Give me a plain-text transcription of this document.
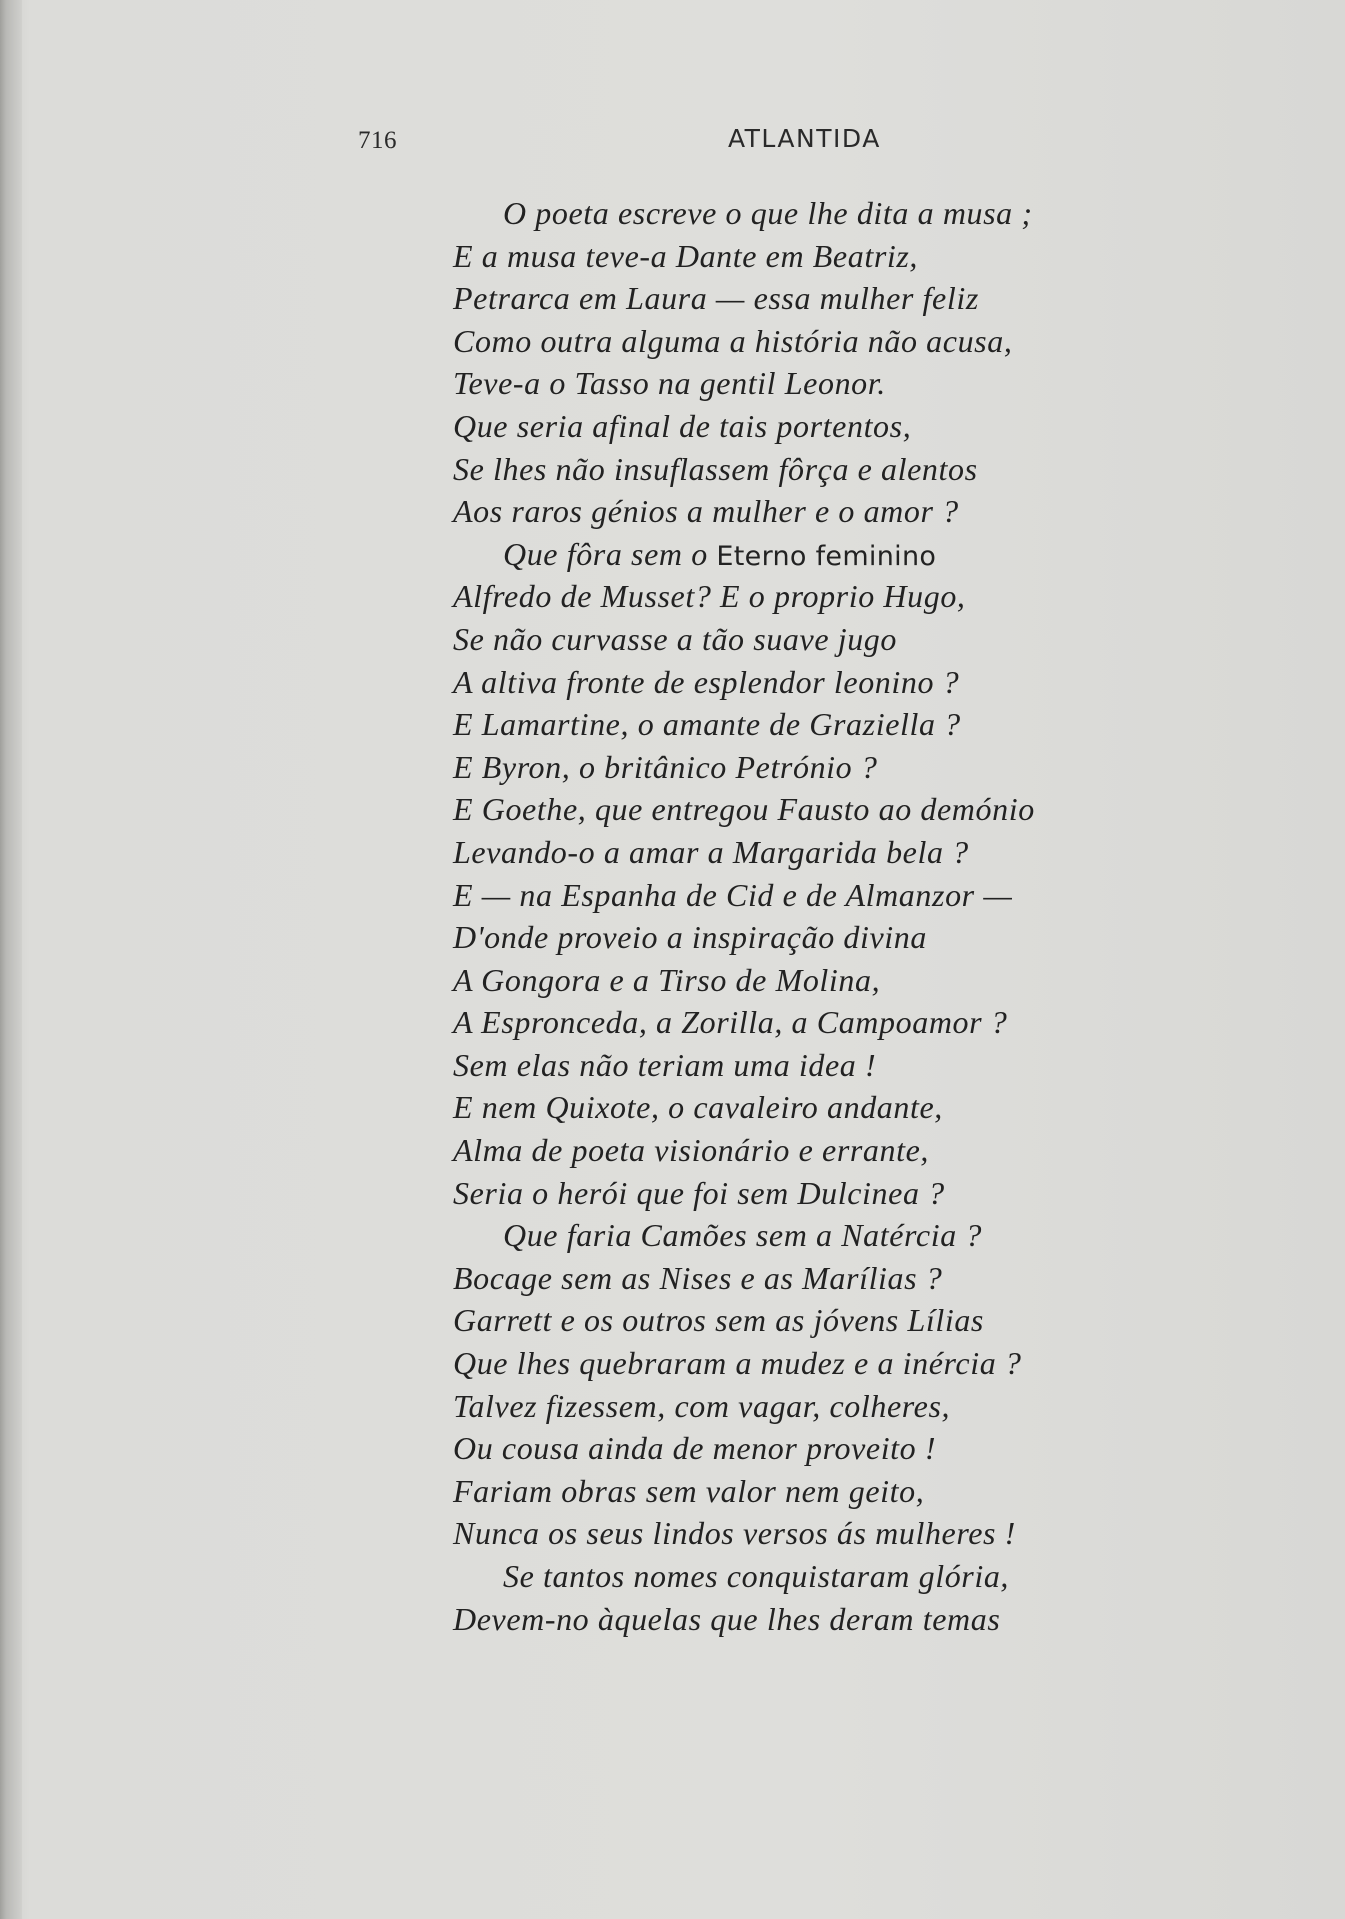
716	ATLANTIDA
O poeta escreve o que lhe dita a musa ;
E a musa teve-a Dante em Beatriz,
Petrarca em Laura — essa mulher feliz
Como outra alguma a história não acusa,
Teve-a o Tasso na gentil Leonor.
Que seria afinal de tais portentos,
Se lhes não insuflassem fôrça e alentos
Aos raros génios a mulher e o amor ?
Que fôra sem o Eterno feminino
Alfredo de Musset? E o proprio Hugo,
Se não curvasse a tão suave jugo
A altiva fronte de esplendor leonino ?
E Lamartine, o amante de Graziella ?
E Byron, o britânico Petrónio ?
E Goethe, que entregou Fausto ao demónio
Levando-o a amar a Margarida bela ?
E — na Espanha de Cid e de Almanzor —
D'onde proveio a inspiração divina
A Gongora e a Tirso de Molina,
A Espronceda, a Zorilla, a Campoamor ?
Sem elas não teriam uma idea !
E nem Quixote, o cavaleiro andante,
Alma de poeta visionário e errante,
Seria o herói que foi sem Dulcinea ?
Que faria Camões sem a Natércia ?
Bocage sem as Nises e as Marílias ?
Garrett e os outros sem as jóvens Lílias
Que lhes quebraram a mudez e a inércia ?
Talvez fizessem, com vagar, colheres,
Ou cousa ainda de menor proveito !
Fariam obras sem valor nem geito,
Nunca os seus lindos versos ás mulheres !
Se tantos nomes conquistaram glória,
Devem-no àquelas que lhes deram temas
